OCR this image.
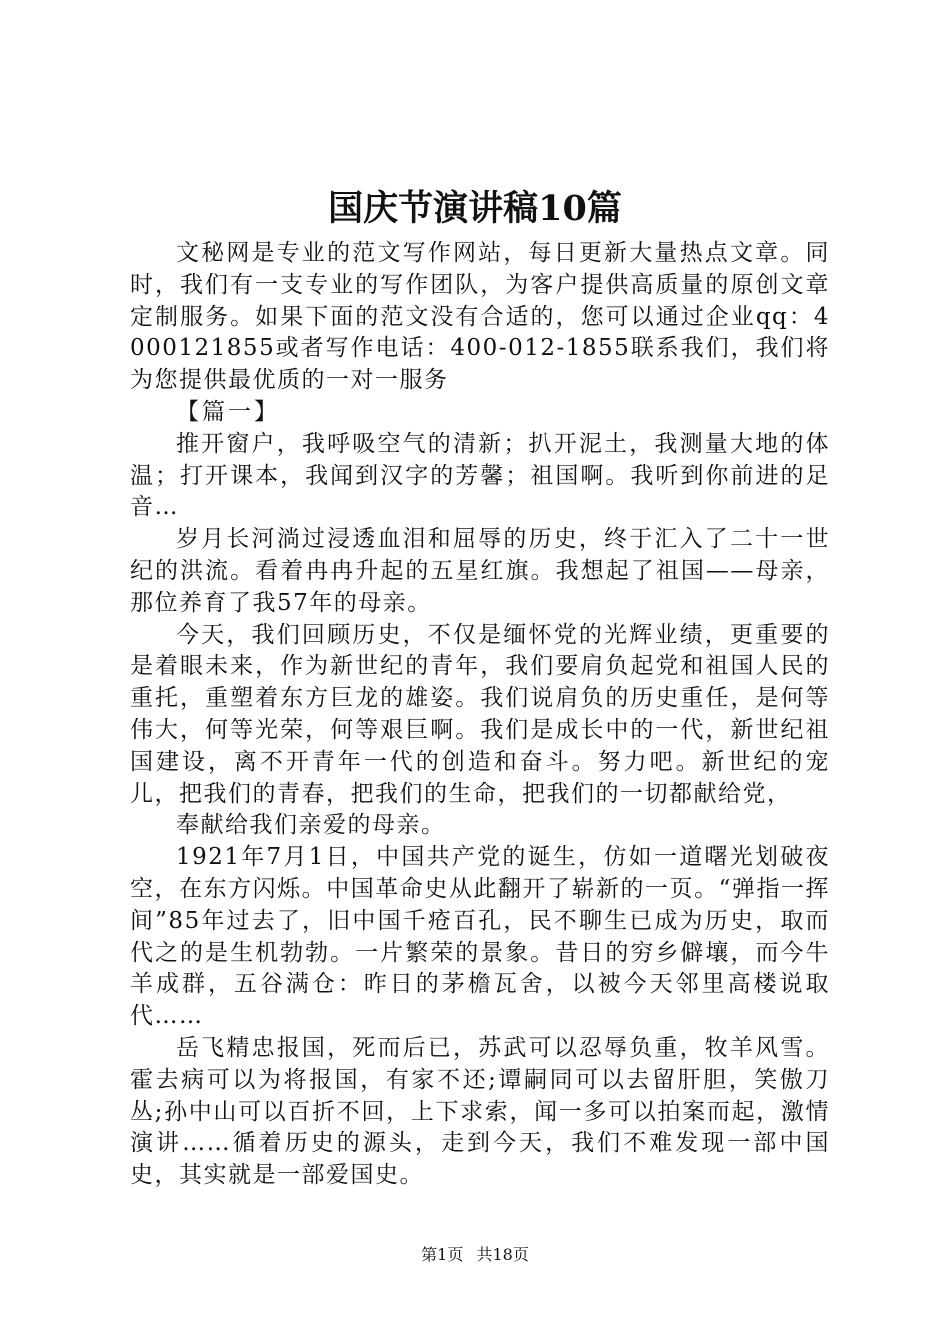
国庆节演讲稿10篇

文秘网是专业的范文写作网站，每日更新大量热点文章。同时，我们有一支专业的写作团队，为客户提供高质量的原创文章定制服务。如果下面的范文没有合适的，您可以通过企业qq：4000121855或者写作电话：400-012-1855联系我们，我们将为您提供最优质的一对一服务

【篇一】

推开窗户，我呼吸空气的清新；扒开泥土，我测量大地的体温；打开课本，我闻到汉字的芳馨；祖国啊。我听到你前进的足音…

岁月长河淌过浸透血泪和屈辱的历史，终于汇入了二十一世纪的洪流。看着冉冉升起的五星红旗。我想起了祖国——母亲，那位养育了我57年的母亲。

今天，我们回顾历史，不仅是缅怀党的光辉业绩，更重要的是着眼未来，作为新世纪的青年，我们要肩负起党和祖国人民的重托，重塑着东方巨龙的雄姿。我们说肩负的历史重任，是何等伟大，何等光荣，何等艰巨啊。我们是成长中的一代，新世纪祖国建设，离不开青年一代的创造和奋斗。努力吧。新世纪的宠儿，把我们的青春，把我们的生命，把我们的一切都献给党，

奉献给我们亲爱的母亲。

1921年7月1日，中国共产党的诞生，仿如一道曙光划破夜空，在东方闪烁。中国革命史从此翻开了崭新的一页。“弹指一挥间”85年过去了，旧中国千疮百孔，民不聊生已成为历史，取而代之的是生机勃勃。一片繁荣的景象。昔日的穷乡僻壤，而今牛羊成群，五谷满仓：昨日的茅檐瓦舍，以被今天邻里高楼说取代……

岳飞精忠报国，死而后已，苏武可以忍辱负重，牧羊风雪。霍去病可以为将报国，有家不还;谭嗣同可以去留肝胆，笑傲刀丛;孙中山可以百折不回，上下求索，闻一多可以拍案而起，激情演讲……循着历史的源头，走到今天，我们不难发现一部中国史，其实就是一部爱国史。

第1页 共18页
